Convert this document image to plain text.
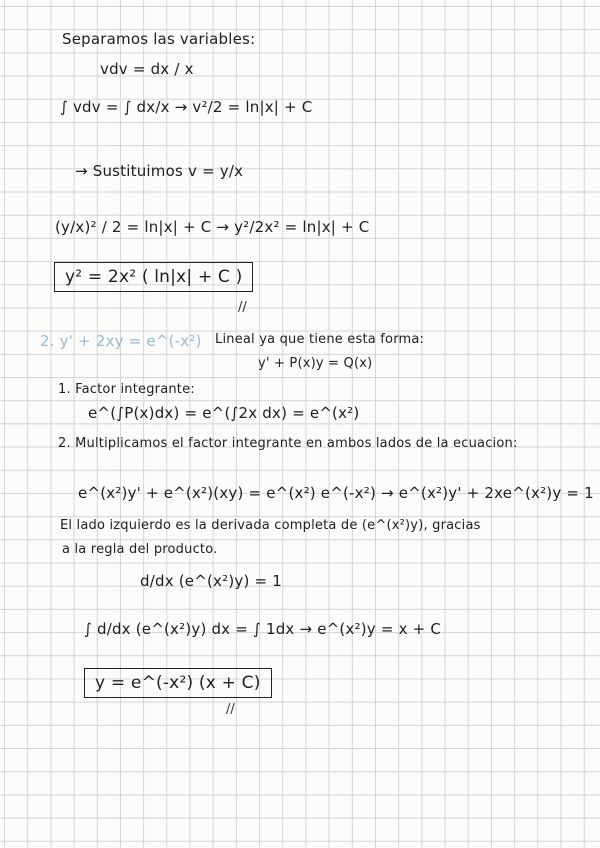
Separamos las variables:
vdv = dx / x
∫ vdv = ∫ dx/x → v²/2 = ln|x| + C
→ Sustituimos v = y/x
(y/x)² / 2 = ln|x| + C → y²/2x² = ln|x| + C
y² = 2x² ( ln|x| + C )
//
2. y' + 2xy = e^(-x²) Lineal ya que tiene esta forma:
y' + P(x)y = Q(x)
1. Factor integrante:
e^(∫P(x)dx) = e^(∫2x dx) = e^(x²)
2. Multiplicamos el factor integrante en ambos lados de la ecuacion:
e^(x²)y' + e^(x²)(xy) = e^(x²) e^(-x²) → e^(x²)y' + 2xe^(x²)y = 1
El lado izquierdo es la derivada completa de (e^(x²)y), gracias
a la regla del producto.
d/dx (e^(x²)y) = 1
∫ d/dx (e^(x²)y) dx = ∫ 1dx → e^(x²)y = x + C
y = e^(-x²) (x + C)
//
